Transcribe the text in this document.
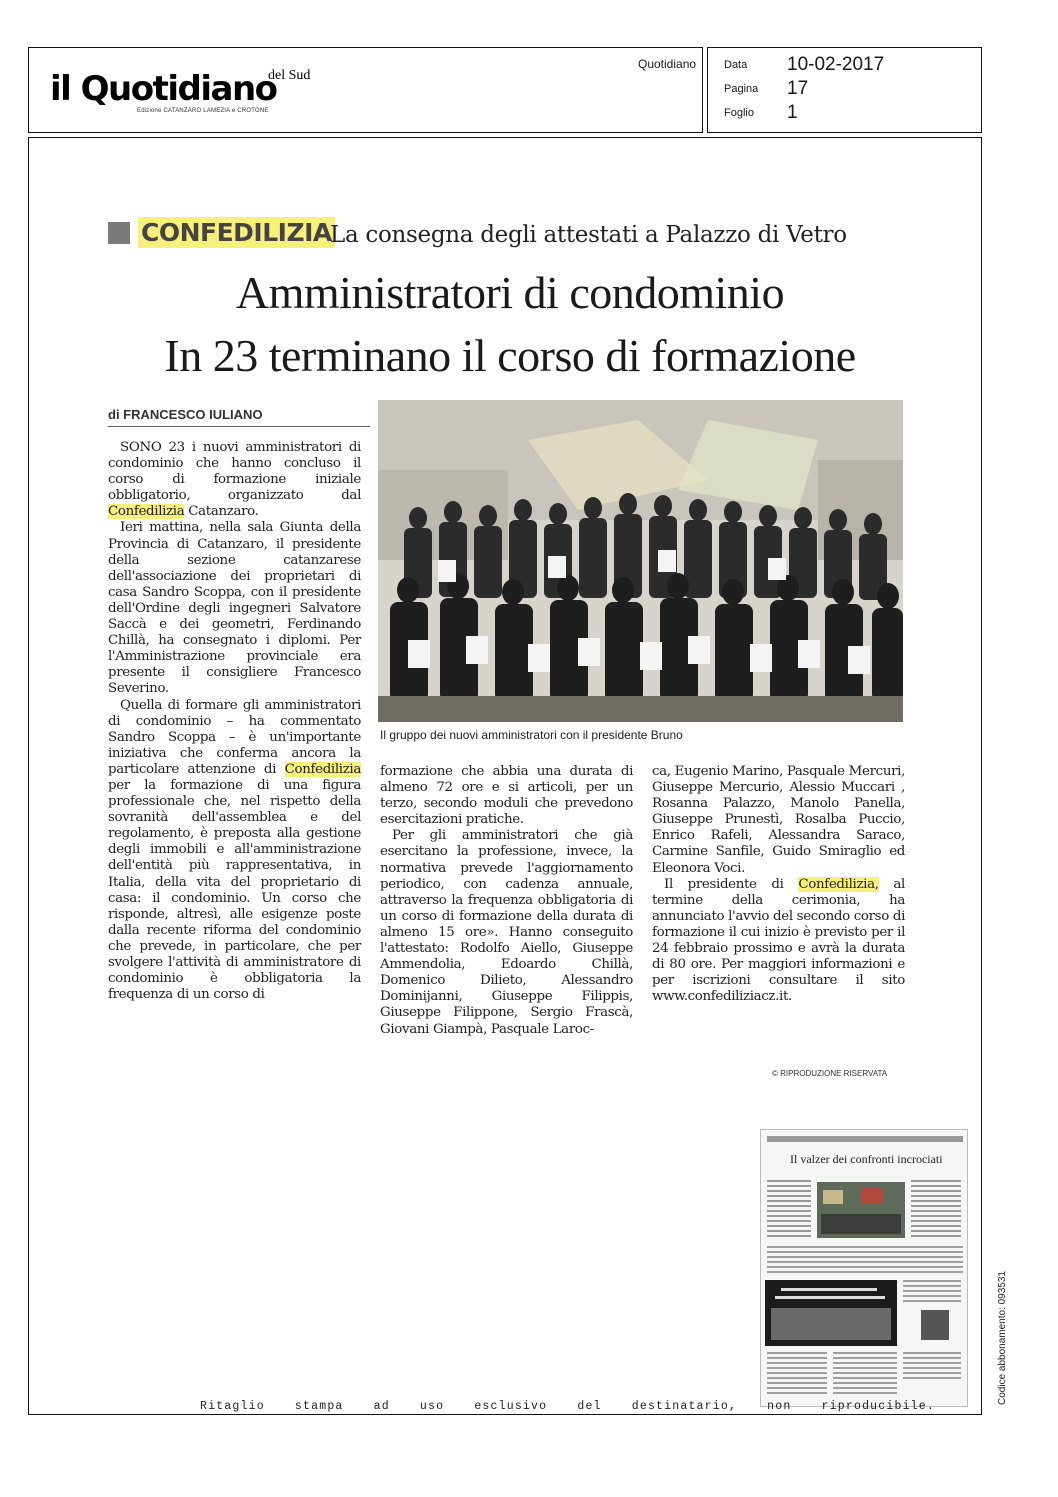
il Quotidiano
del Sud
Edizione CATANZARO LAMEZIA e CROTONE
Quotidiano	Data 10-02-2017
Pagina 17
Foglio 1
CONFEDILIZIA
La consegna degli attestati a Palazzo di Vetro
Amministratori di condominio
In 23 terminano il corso di formazione
di FRANCESCO IULIANO
Il gruppo dei nuovi amministratori con il presidente Bruno

SONO 23 i nuovi amministratori di condominio che hanno concluso il corso di formazione iniziale obbligatorio, organizzato dal Confedilizia Catanzaro.

Ieri mattina, nella sala Giunta della Provincia di Catanzaro, il presidente della sezione catanzarese dell'associazione dei proprietari di casa Sandro Scoppa, con il presidente dell'Ordine degli ingegneri Salvatore Saccà e dei geometri, Ferdinando Chillà, ha consegnato i diplomi. Per l'Amministrazione provinciale era presente il consigliere Francesco Severino.

Quella di formare gli amministratori di condominio – ha commentato Sandro Scoppa – è un'importante iniziativa che conferma ancora la particolare attenzione di Confedilizia per la formazione di una figura professionale che, nel rispetto della sovranità dell'assemblea e del regolamento, è preposta alla gestione degli immobili e all'amministrazione dell'entità più rappresentativa, in Italia, della vita del proprietario di casa: il condominio. Un corso che risponde, altresì, alle esigenze poste dalla recente riforma del condominio che prevede, in particolare, che per svolgere l'attività di amministratore di condominio è obbligatoria la frequenza di un corso di

formazione che abbia una durata di almeno 72 ore e si articoli, per un terzo, secondo moduli che prevedono esercitazioni pratiche.

Per gli amministratori che già esercitano la professione, invece, la normativa prevede l'aggiornamento periodico, con cadenza annuale, attraverso la frequenza obbligatoria di un corso di formazione della durata di almeno 15 ore». Hanno conseguito l'attestato: Rodolfo Aiello, Giuseppe Ammendolia, Edoardo Chillà, Domenico Dilieto, Alessandro Dominijanni, Giuseppe Filippis, Giuseppe Filippone, Sergio Frascà, Giovani Giampà, Pasquale Laroc-

ca, Eugenio Marino, Pasquale Mercuri, Giuseppe Mercurio, Alessio Muccari , Rosanna Palazzo, Manolo Panella, Giuseppe Prunestì, Rosalba Puccio, Enrico Rafeli, Alessandra Saraco, Carmine Sanfile, Guido Smiraglio ed Eleonora Voci.

Il presidente di Confedilizia, al termine della cerimonia, ha annunciato l'avvio del secondo corso di formazione il cui inizio è previsto per il 24 febbraio prossimo e avrà la durata di 80 ore. Per maggiori informazioni e per iscrizioni consultare il sito www.confediliziacz.it.

© RIPRODUZIONE RISERVATA
Il valzer dei confronti incrociati
Ritaglio stampa ad uso esclusivo del destinatario, non riproducibile.
Codice abbonamento: 093531
